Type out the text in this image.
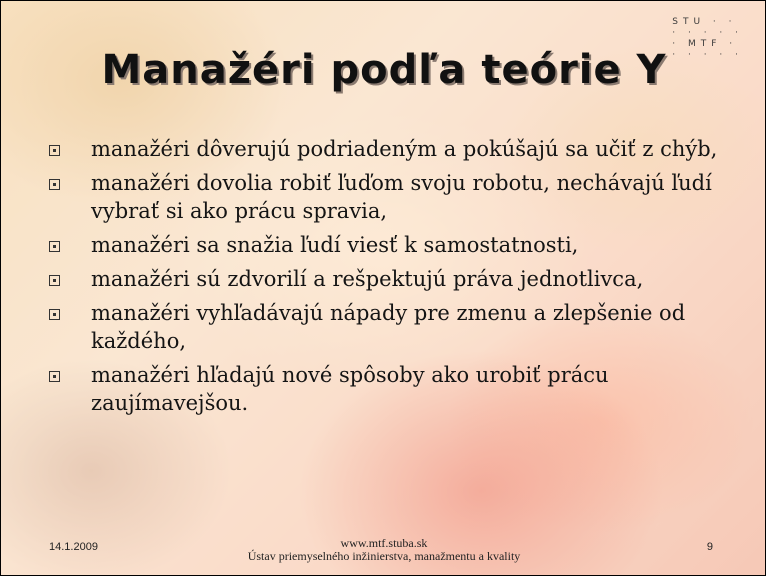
STU · ·
· · · · ·
· MTF ·
· · · · ·
Manažéri podľa teórie Y
manažéri dôverujú podriadeným a pokúšajú sa učiť z chýb,
manažéri dovolia robiť ľuďom svoju robotu, nechávajú ľudí vybrať si ako prácu spravia,
manažéri sa snažia ľudí viesť k samostatnosti,
manažéri sú zdvorilí a rešpektujú práva jednotlivca,
manažéri vyhľadávajú nápady pre zmenu a zlepšenie od každého,
manažéri hľadajú nové spôsoby ako urobiť prácu zaujímavejšou.
14.1.2009	www.mtf.stuba.sk
Ústav priemyselného inžinierstva, manažmentu a kvality
9
